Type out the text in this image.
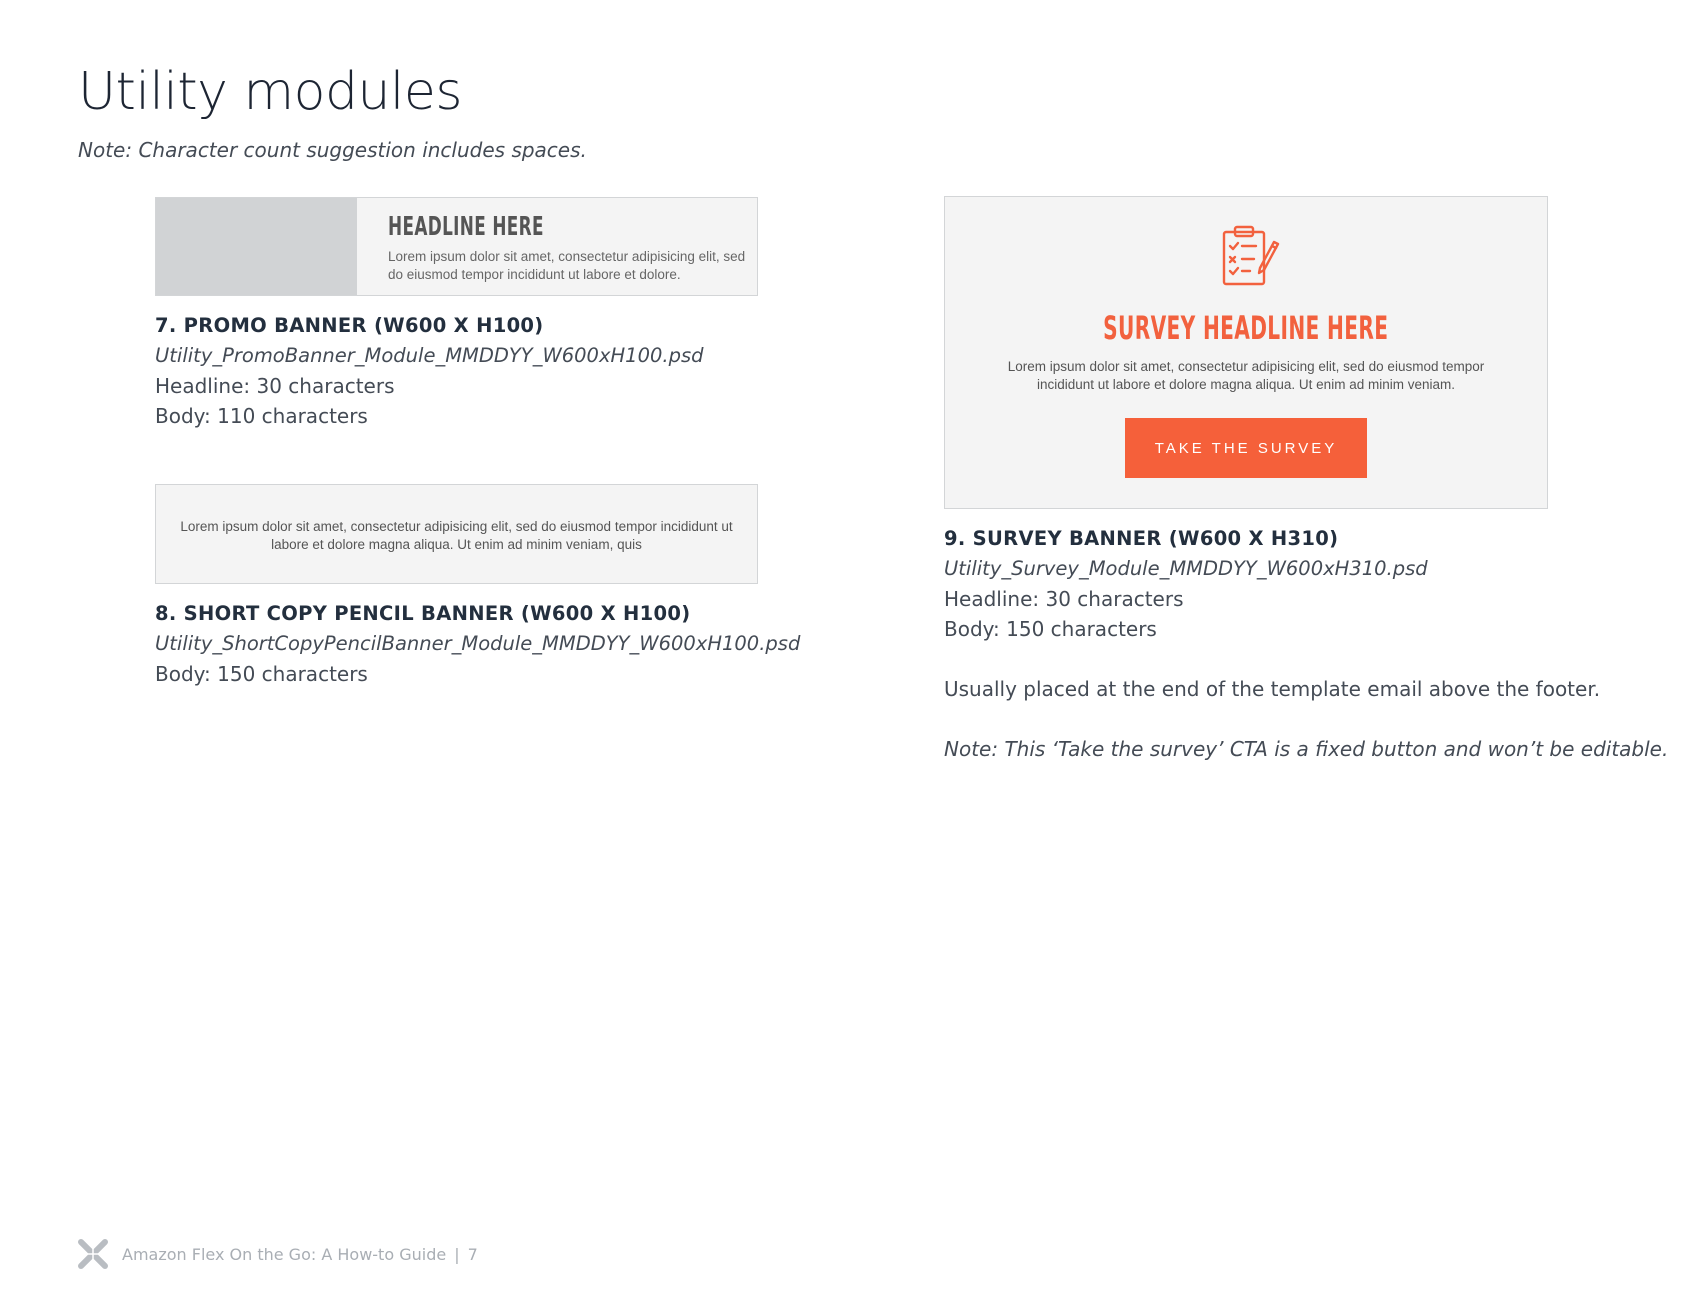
Utility modules
Note: Character count suggestion includes spaces.
HEADLINE HERE
Lorem ipsum dolor sit amet, consectetur adipisicing elit, sed do eiusmod tempor incididunt ut labore et dolore.
7. PROMO BANNER (W600 X H100)
Utility_PromoBanner_Module_MMDDYY_W600xH100.psd
Headline: 30 characters
Body: 110 characters
Lorem ipsum dolor sit amet, consectetur adipisicing elit, sed do eiusmod tempor incididunt ut labore et dolore magna aliqua. Ut enim ad minim veniam, quis
8. SHORT COPY PENCIL BANNER (W600 X H100)
Utility_ShortCopyPencilBanner_Module_MMDDYY_W600xH100.psd
Body: 150 characters
SURVEY HEADLINE HERE
Lorem ipsum dolor sit amet, consectetur adipisicing elit, sed do eiusmod tempor incididunt ut labore et dolore magna aliqua. Ut enim ad minim veniam.
TAKE THE SURVEY
9. SURVEY BANNER (W600 X H310)
Utility_Survey_Module_MMDDYY_W600xH310.psd
Headline: 30 characters
Body: 150 characters
Usually placed at the end of the template email above the footer.
Note: This ‘Take the survey’ CTA is a fixed button and won’t be editable.
Amazon Flex On the Go: A How-to Guide | 7
